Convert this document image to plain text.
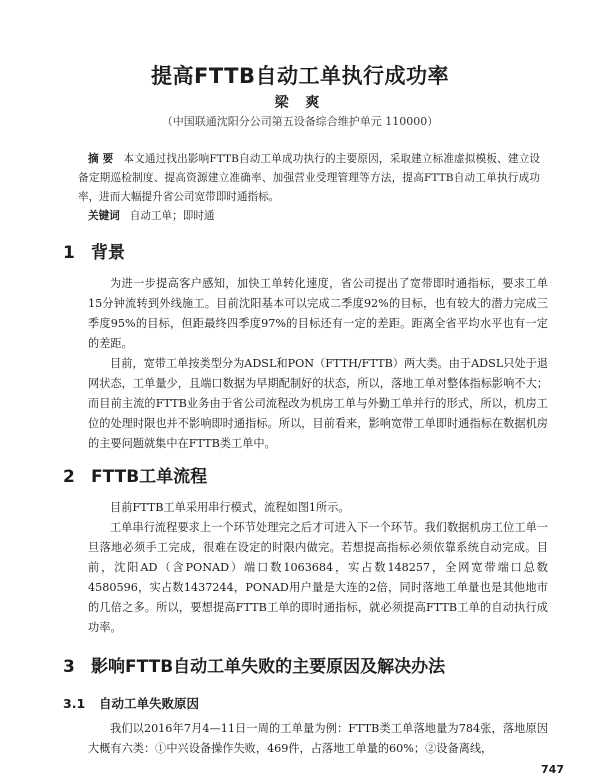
提高FTTB自动工单执行成功率
梁 爽
（中国联通沈阳分公司第五设备综合维护单元 110000）
摘 要 本文通过找出影响FTTB自动工单成功执行的主要原因，采取建立标准虚拟模板、建立设备定期巡检制度、提高资源建立准确率、加强营业受理管理等方法，提高FTTB自动工单执行成功率，进而大幅提升省公司宽带即时通指标。
关键词 自动工单；即时通
1 背景

为进一步提高客户感知，加快工单转化速度，省公司提出了宽带即时通指标，要求工单15分钟流转到外线施工。目前沈阳基本可以完成二季度92%的目标，也有较大的潜力完成三季度95%的目标，但距最终四季度97%的目标还有一定的差距。距离全省平均水平也有一定的差距。

目前，宽带工单按类型分为ADSL和PON（FTTH/FTTB）两大类。由于ADSL只处于退网状态，工单量少，且端口数据为早期配制好的状态，所以，落地工单对整体指标影响不大；而目前主流的FTTB业务由于省公司流程改为机房工单与外勤工单并行的形式，所以，机房工位的处理时限也并不影响即时通指标。所以，目前看来，影响宽带工单即时通指标在数据机房的主要问题就集中在FTTB类工单中。

2 FTTB工单流程

目前FTTB工单采用串行模式，流程如图1所示。

工单串行流程要求上一个环节处理完之后才可进入下一个环节。我们数据机房工位工单一旦落地必须手工完成，很难在设定的时限内做完。若想提高指标必须依靠系统自动完成。目前，沈阳AD（含PONAD）端口数1063684，实占数148257，全网宽带端口总数4580596，实占数1437244，PONAD用户量是大连的2倍，同时落地工单量也是其他地市的几倍之多。所以，要想提高FTTB工单的即时通指标，就必须提高FTTB工单的自动执行成功率。

3 影响FTTB自动工单失败的主要原因及解决办法
3.1 自动工单失败原因

我们以2016年7月4—11日一周的工单量为例：FTTB类工单落地量为784张，落地原因大概有六类：①中兴设备操作失败，469件，占落地工单量的60%；②设备离线，

747
